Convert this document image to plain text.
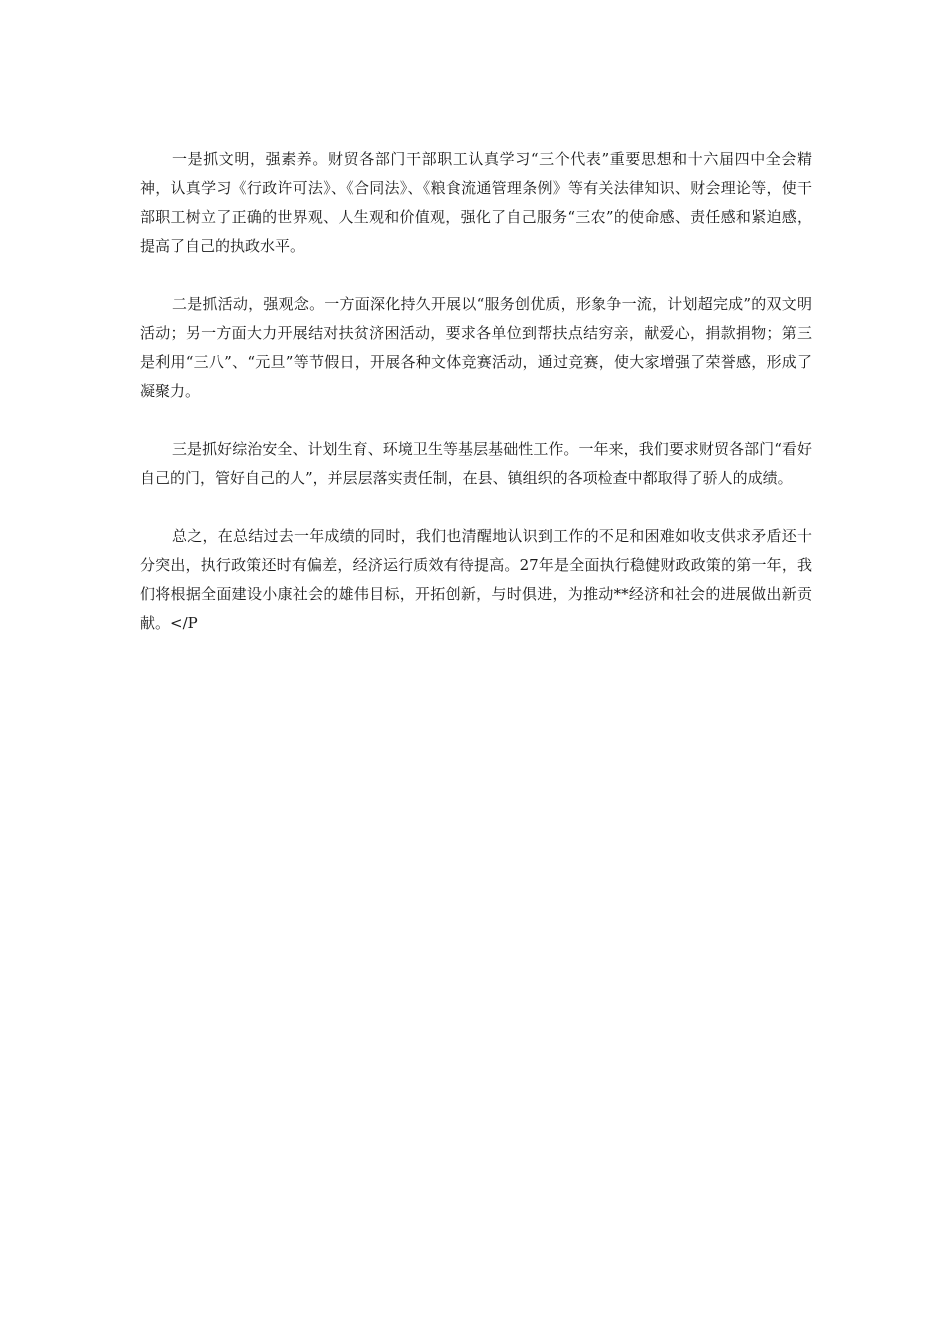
一是抓文明，强素养。财贸各部门干部职工认真学习“三个代表”重要思想和十六届四中全会精神，认真学习《行政许可法》、《合同法》、《粮食流通管理条例》等有关法律知识、财会理论等，使干部职工树立了正确的世界观、人生观和价值观，强化了自己服务“三农”的使命感、责任感和紧迫感，提高了自己的执政水平。

二是抓活动，强观念。一方面深化持久开展以“服务创优质，形象争一流，计划超完成”的双文明活动；另一方面大力开展结对扶贫济困活动，要求各单位到帮扶点结穷亲，献爱心，捐款捐物；第三是利用“三八”、“元旦”等节假日，开展各种文体竞赛活动，通过竞赛，使大家增强了荣誉感，形成了凝聚力。

三是抓好综治安全、计划生育、环境卫生等基层基础性工作。一年来，我们要求财贸各部门“看好自己的门，管好自己的人”，并层层落实责任制，在县、镇组织的各项检查中都取得了骄人的成绩。

总之，在总结过去一年成绩的同时，我们也清醒地认识到工作的不足和困难如收支供求矛盾还十分突出，执行政策还时有偏差，经济运行质效有待提高。27年是全面执行稳健财政政策的第一年，我们将根据全面建设小康社会的雄伟目标，开拓创新，与时俱进，为推动**经济和社会的进展做出新贡献。</P
